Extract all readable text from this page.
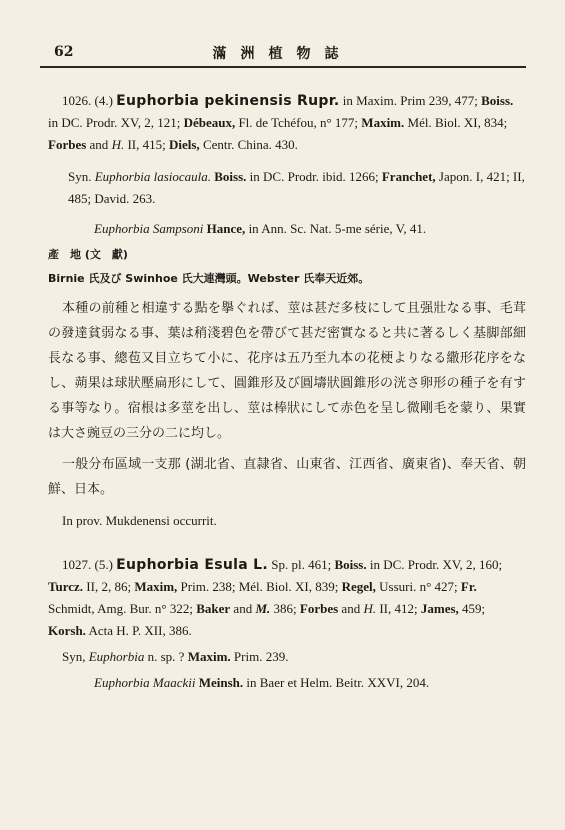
62	滿洲植物誌

1026. (4.) Euphorbia pekinensis Rupr. in Maxim. Prim 239, 477; Boiss. in DC. Prodr. XV, 2, 121; Débeaux, Fl. de Tchéfou, n° 177; Maxim. Mél. Biol. XI, 834; Forbes and H. II, 415; Diels, Centr. China. 430.

Syn. Euphorbia lasiocaula. Boiss. in DC. Prodr. ibid. 1266; Franchet, Japon. I, 421; II, 485; David. 263.

Euphorbia Sampsoni Hance, in Ann. Sc. Nat. 5-me série, V, 41.

產　地 (文　獻)

Birnie 氏及び Swinhoe 氏大連灣頭。Webster 氏奉天近郊。

本種の前種と相違する點を擧ぐれば、莖は甚だ多枝にして且强壯なる事、毛茸の發達貧弱なる事、葉は稍淺碧色を帶びて甚だ密實なると共に著るしく基脚部細長なる事、總苞又目立ちて小に、花序は五乃至九本の花梗よりなる繖形花序をなし、蒴果は球狀壓扁形にして、圓錐形及び圓壔狀圓錐形の洸さ卵形の種子を有する事等なり。宿根は多莖を出し、莖は棒狀にして赤色を呈し微剛毛を蒙り、果實は大さ豌豆の三分の二に均し。

一般分布區域一支那 (湖北省、直隷省、山東省、江西省、廣東省)、奉天省、朝鮮、日本。

In prov. Mukdenensi occurrit.

1027. (5.) Euphorbia Esula L. Sp. pl. 461; Boiss. in DC. Prodr. XV, 2, 160; Turcz. II, 2, 86; Maxim, Prim. 238; Mél. Biol. XI, 839; Regel, Ussuri. n° 427; Fr. Schmidt, Amg. Bur. n° 322; Baker and M. 386; Forbes and H. II, 412; James, 459; Korsh. Acta H. P. XII, 386.

Syn, Euphorbia n. sp. ? Maxim. Prim. 239.

Euphorbia Maackii Meinsh. in Baer et Helm. Beitr. XXVI, 204.
